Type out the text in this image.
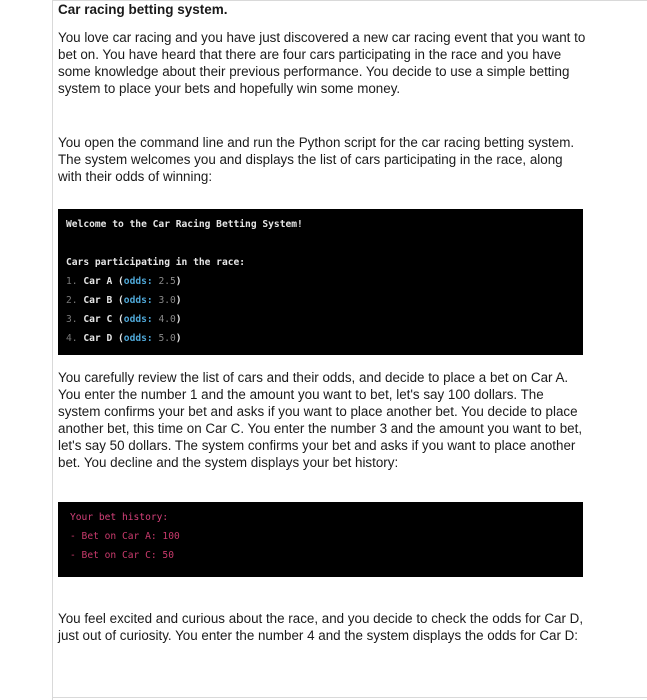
Car racing betting system.

You love car racing and you have just discovered a new car racing event that you want to bet on. You have heard that there are four cars participating in the race and you have some knowledge about their previous performance. You decide to use a simple betting system to place your bets and hopefully win some money.

You open the command line and run the Python script for the car racing betting system. The system welcomes you and displays the list of cars participating in the race, along with their odds of winning:

Welcome to the Car Racing Betting System!

Cars participating in the race:
1. Car A (odds: 2.5)
2. Car B (odds: 3.0)
3. Car C (odds: 4.0)
4. Car D (odds: 5.0)

You carefully review the list of cars and their odds, and decide to place a bet on Car A. You enter the number 1 and the amount you want to bet, let's say 100 dollars. The system confirms your bet and asks if you want to place another bet. You decide to place another bet, this time on Car C. You enter the number 3 and the amount you want to bet, let's say 50 dollars. The system confirms your bet and asks if you want to place another bet. You decline and the system displays your bet history:

Your bet history:
- Bet on Car A: 100
- Bet on Car C: 50

You feel excited and curious about the race, and you decide to check the odds for Car D, just out of curiosity. You enter the number 4 and the system displays the odds for Car D:
